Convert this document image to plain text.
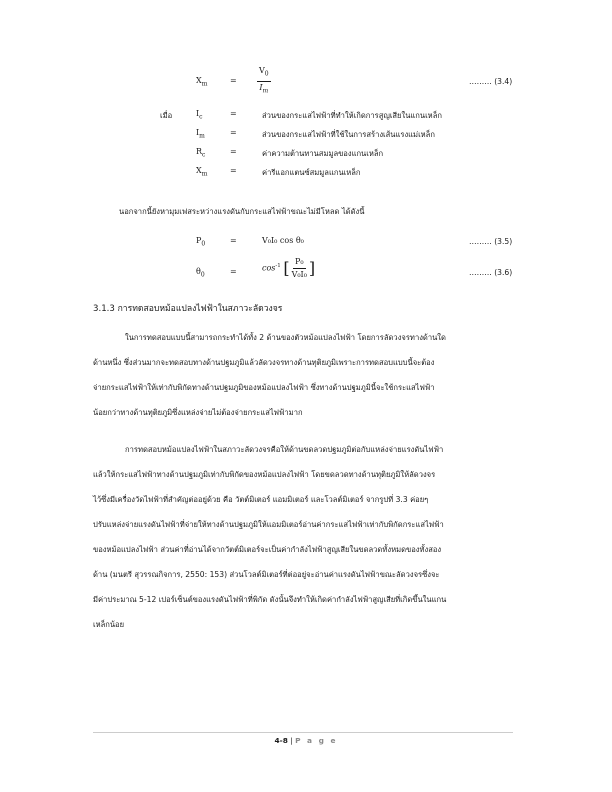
$X_m$	=	$\frac{V_0}{I_m}$	……… (3.4)
เมื่อ	$I_c$	=	ส่วนของกระแสไฟฟ้าที่ทำให้เกิดการสูญเสียในแกนเหล็ก
$I_m$	=	ส่วนของกระแสไฟฟ้าที่ใช้ในการสร้างเส้นแรงแม่เหล็ก
$R_c$	=	ค่าความต้านทานสมมูลของแกนเหล็ก
$X_m$	=	ค่ารีแอกแตนซ์สมมูลแกนเหล็ก
นอกจากนี้ยังหามุมเฟสระหว่างแรงดันกับกระแสไฟฟ้าขณะไม่มีโหลด ได้ดังนี้
$P_0$	=	V₀I₀ cos θ₀	……… (3.5)
$\theta_0$	=	$\cos^{-1}$ [ $\frac{\text{P₀}}{\text{V₀I₀}}$ ]	……… (3.6)
3.1.3 การทดสอบหม้อแปลงไฟฟ้าในสภาวะลัดวงจร
ในการทดสอบแบบนี้สามารถกระทำได้ทั้ง 2 ด้านของตัวหม้อแปลงไฟฟ้า โดยการลัดวงจรทางด้านใด
ด้านหนึ่ง ซึ่งส่วนมากจะทดสอบทางด้านปฐมภูมิแล้วลัดวงจรทางด้านทุติยภูมิเพราะการทดสอบแบบนี้จะต้อง
จ่ายกระแสไฟฟ้าให้เท่ากับพิกัดทางด้านปฐมภูมิของหม้อแปลงไฟฟ้า ซึ่งทางด้านปฐมภูมินี้จะใช้กระแสไฟฟ้า
น้อยกว่าทางด้านทุติยภูมิซึ่งแหล่งจ่ายไม่ต้องจ่ายกระแสไฟฟ้ามาก
การทดสอบหม้อแปลงไฟฟ้าในสภาวะลัดวงจรคือให้ด้านขดลวดปฐมภูมิต่อกับแหล่งจ่ายแรงดันไฟฟ้า
แล้วให้กระแสไฟฟ้าทางด้านปฐมภูมิเท่ากับพิกัดของหม้อแปลงไฟฟ้า โดยขดลวดทางด้านทุติยภูมิให้ลัดวงจร
ไว้ซึ่งมีเครื่องวัดไฟฟ้าที่สำคัญต่ออยู่ด้วย คือ วัตต์มิเตอร์ แอมมิเตอร์ และโวลต์มิเตอร์ จากรูปที่ 3.3 ค่อยๆ
ปรับแหล่งจ่ายแรงดันไฟฟ้าที่จ่ายให้ทางด้านปฐมภูมิให้แอมมิเตอร์อ่านค่ากระแสไฟฟ้าเท่ากับพิกัดกระแสไฟฟ้า
ของหม้อแปลงไฟฟ้า ส่วนค่าที่อ่านได้จากวัตต์มิเตอร์จะเป็นค่ากำลังไฟฟ้าสูญเสียในขดลวดทั้งหมดของทั้งสอง
ด้าน (มนตรี สุวรรณกิจการ, 2550: 153) ส่วนโวลต์มิเตอร์ที่ต่ออยู่จะอ่านค่าแรงดันไฟฟ้าขณะลัดวงจรซึ่งจะ
มีค่าประมาณ 5-12 เปอร์เซ็นต์ของแรงดันไฟฟ้าที่พิกัด ดังนั้นจึงทำให้เกิดค่ากำลังไฟฟ้าสูญเสียที่เกิดขึ้นในแกน
เหล็กน้อย
4-8 | P a g e
